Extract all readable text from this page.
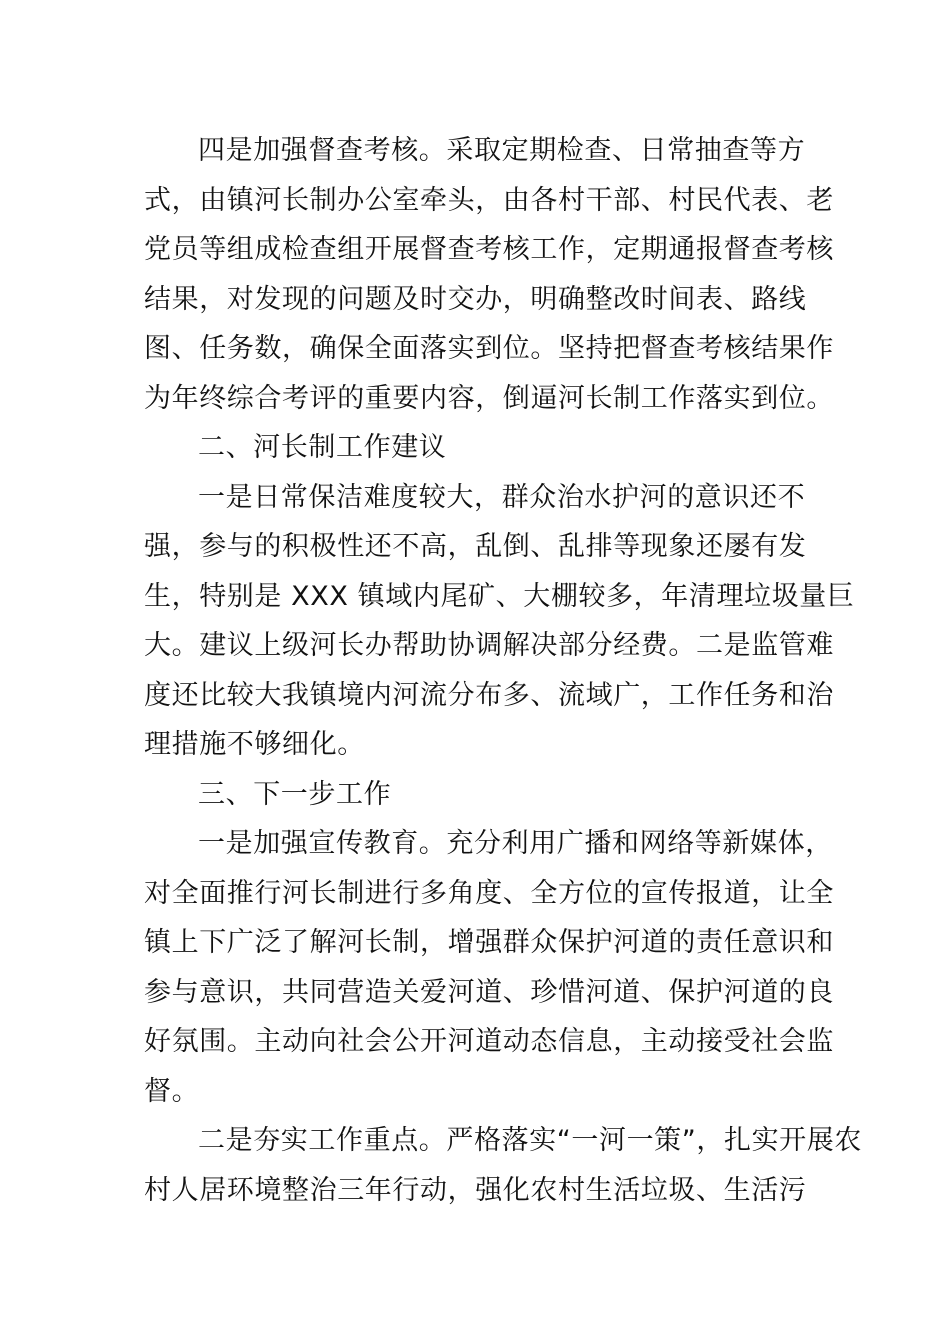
四是加强督查考核。采取定期检查、日常抽查等方
式，由镇河长制办公室牵头，由各村干部、村民代表、老
党员等组成检查组开展督查考核工作，定期通报督查考核
结果，对发现的问题及时交办，明确整改时间表、路线
图、任务数，确保全面落实到位。坚持把督查考核结果作
为年终综合考评的重要内容，倒逼河长制工作落实到位。
二、河长制工作建议
一是日常保洁难度较大，群众治水护河的意识还不
强，参与的积极性还不高，乱倒、乱排等现象还屡有发
生，特别是 XXX 镇域内尾矿、大棚较多，年清理垃圾量巨
大。建议上级河长办帮助协调解决部分经费。二是监管难
度还比较大我镇境内河流分布多、流域广，工作任务和治
理措施不够细化。
三、下一步工作
一是加强宣传教育。充分利用广播和网络等新媒体，
对全面推行河长制进行多角度、全方位的宣传报道，让全
镇上下广泛了解河长制，增强群众保护河道的责任意识和
参与意识，共同营造关爱河道、珍惜河道、保护河道的良
好氛围。主动向社会公开河道动态信息，主动接受社会监
督。
二是夯实工作重点。严格落实“一河一策”，扎实开展农
村人居环境整治三年行动，强化农村生活垃圾、生活污
